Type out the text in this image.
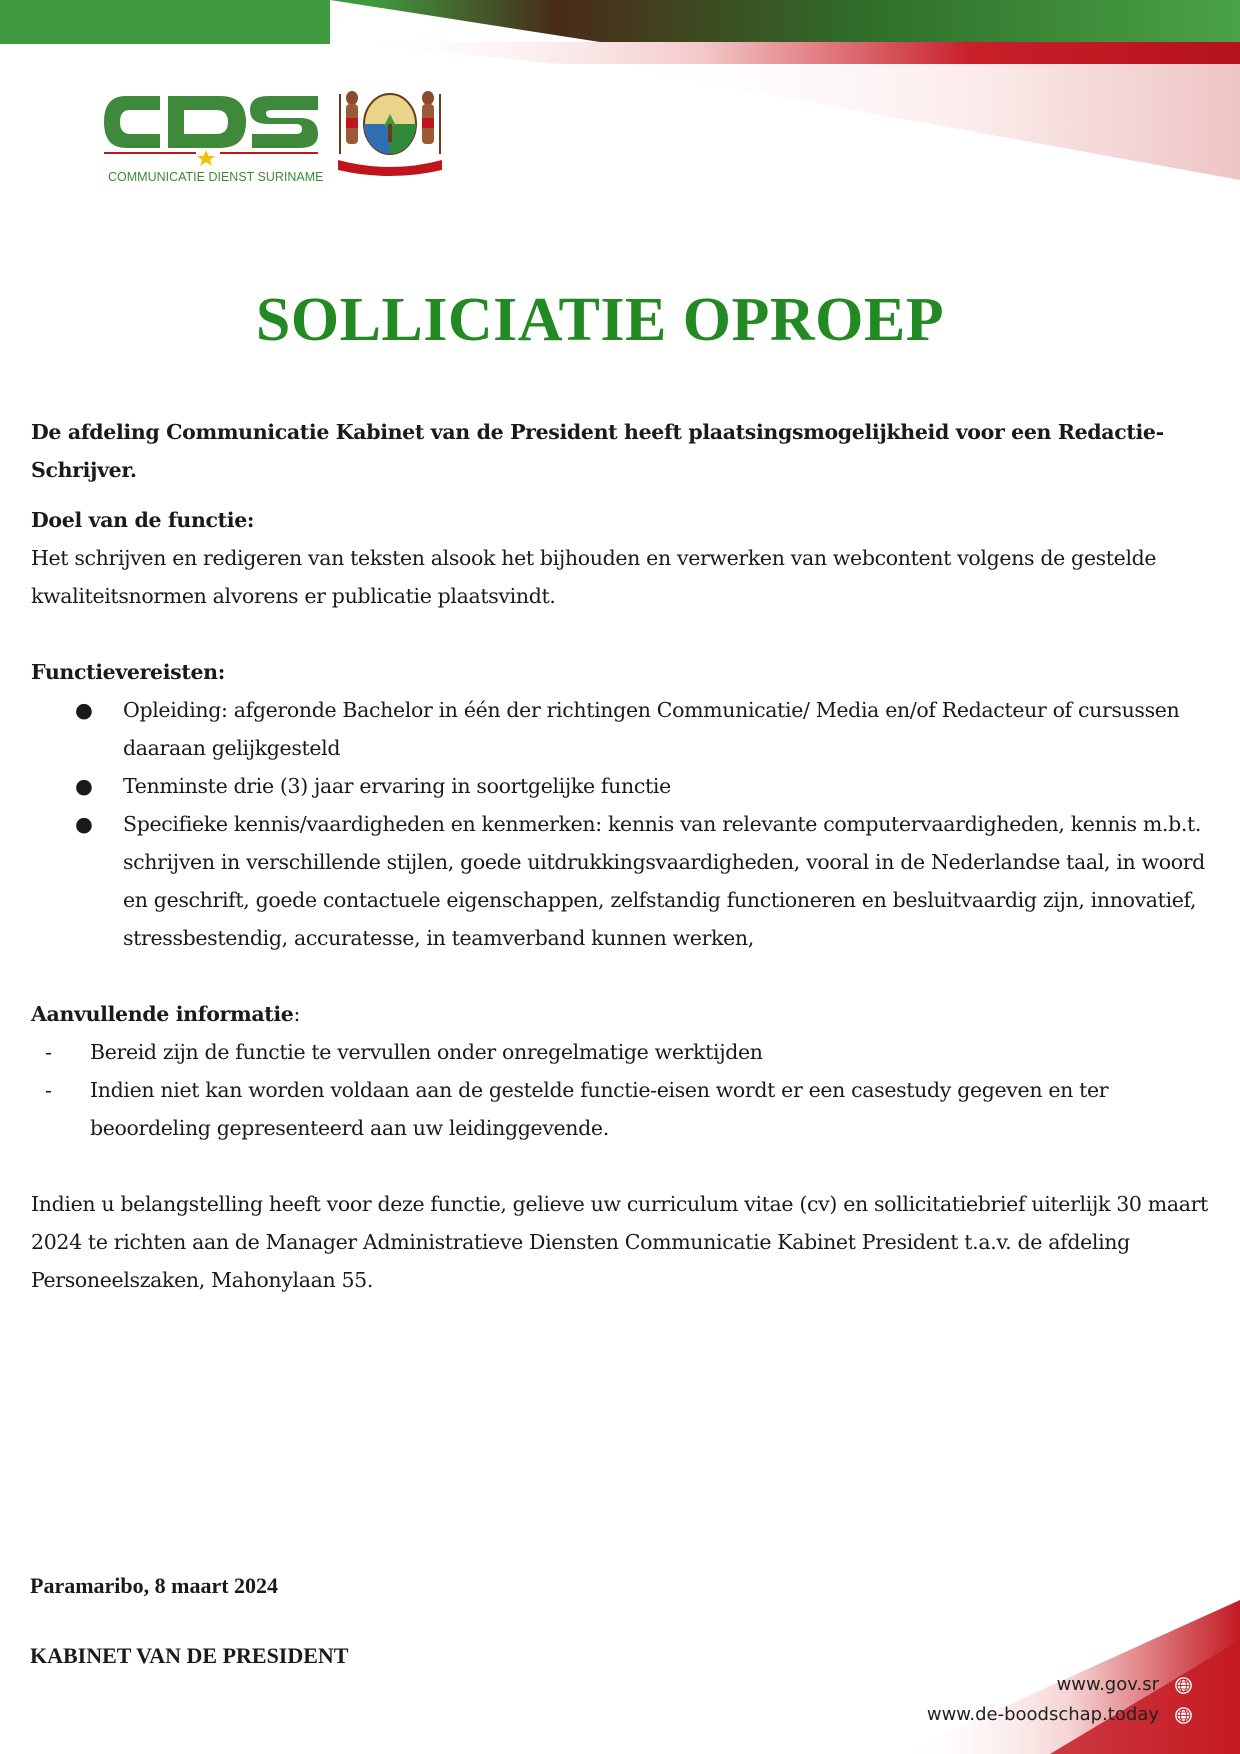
COMMUNICATIE DIENST SURINAME
SOLLICIATIE OPROEP

De afdeling Communicatie Kabinet van de President heeft plaatsingsmogelijkheid voor een Redactie-Schrijver.

Doel van de functie:

Het schrijven en redigeren van teksten alsook het bijhouden en verwerken van webcontent volgens de gestelde kwaliteitsnormen alvorens er publicatie plaatsvindt.

Functievereisten:

● Opleiding: afgeronde Bachelor in één der richtingen Communicatie/ Media en/of Redacteur of cursussen daaraan gelijkgesteld
● Tenminste drie (3) jaar ervaring in soortgelijke functie
● Specifieke kennis/vaardigheden en kenmerken: kennis van relevante computervaardigheden, kennis m.b.t. schrijven in verschillende stijlen, goede uitdrukkingsvaardigheden, vooral in de Nederlandse taal, in woord en geschrift, goede contactuele eigenschappen, zelfstandig functioneren en besluitvaardig zijn, innovatief, stressbestendig, accuratesse, in teamverband kunnen werken,

Aanvullende informatie:

- Bereid zijn de functie te vervullen onder onregelmatige werktijden
- Indien niet kan worden voldaan aan de gestelde functie-eisen wordt er een casestudy gegeven en ter beoordeling gepresenteerd aan uw leidinggevende.

Indien u belangstelling heeft voor deze functie, gelieve uw curriculum vitae (cv) en sollicitatiebrief uiterlijk 30 maart 2024 te richten aan de Manager Administratieve Diensten Communicatie Kabinet President t.a.v. de afdeling Personeelszaken, Mahonylaan 55.

Paramaribo, 8 maart 2024
KABINET VAN DE PRESIDENT
www.gov.sr
www.de-boodschap.today
